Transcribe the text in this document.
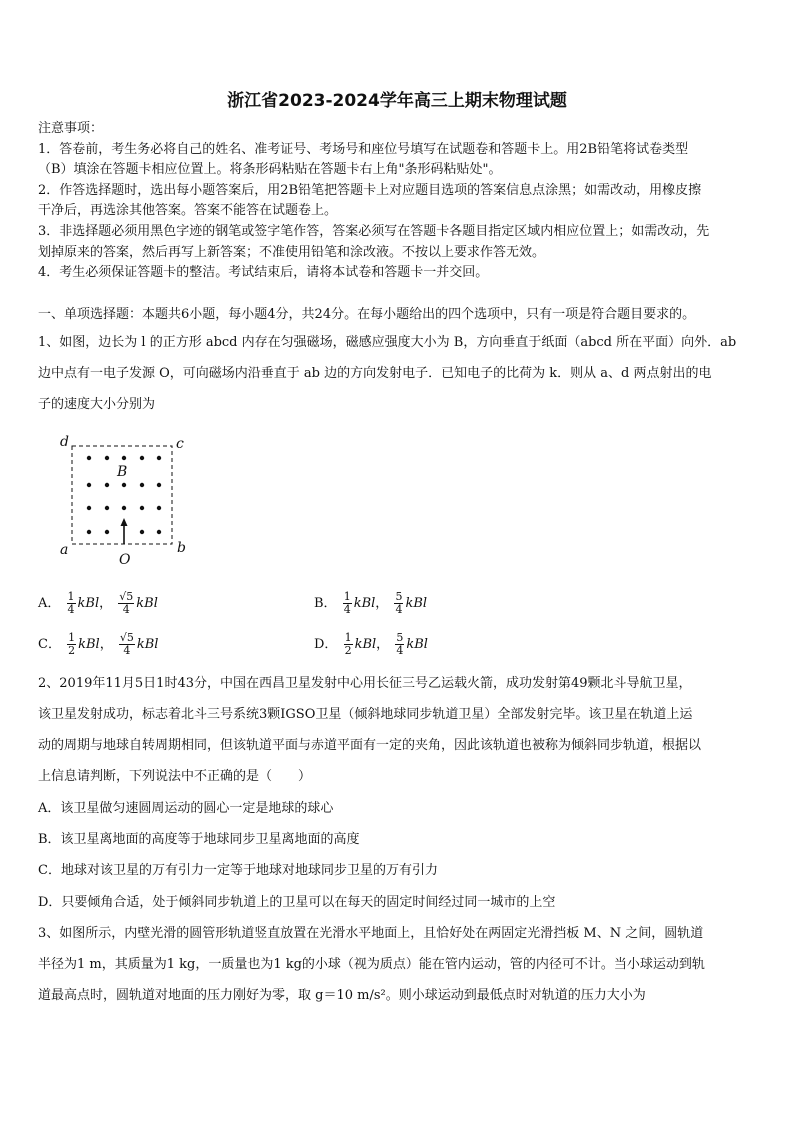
浙江省2023-2024学年高三上期末物理试题
注意事项：
1．答卷前，考生务必将自己的姓名、准考证号、考场号和座位号填写在试题卷和答题卡上。用2B铅笔将试卷类型
（B）填涂在答题卡相应位置上。将条形码粘贴在答题卡右上角"条形码粘贴处"。
2．作答选择题时，选出每小题答案后，用2B铅笔把答题卡上对应题目选项的答案信息点涂黑；如需改动，用橡皮擦
干净后，再选涂其他答案。答案不能答在试题卷上。
3．非选择题必须用黑色字迹的钢笔或签字笔作答，答案必须写在答题卡各题目指定区域内相应位置上；如需改动，先
划掉原来的答案，然后再写上新答案；不准使用铅笔和涂改液。不按以上要求作答无效。
4．考生必须保证答题卡的整洁。考试结束后，请将本试卷和答题卡一并交回。
一、单项选择题：本题共6小题，每小题4分，共24分。在每小题给出的四个选项中，只有一项是符合题目要求的。
1、如图，边长为 l 的正方形 abcd 内存在匀强磁场，磁感应强度大小为 B，方向垂直于纸面（abcd 所在平面）向外．ab
边中点有一电子发源 O，可向磁场内沿垂直于 ab 边的方向发射电子．已知电子的比荷为 k．则从 a、d 两点射出的电
子的速度大小分别为
d	c
B
a	b
O
A． $\frac{1}{4}$ kBl， $\frac{√5}{4}$ kBl	B． $\frac{1}{4}$ kBl， $\frac{5}{4}$ kBl
C． $\frac{1}{2}$ kBl， $\frac{√5}{4}$ kBl	D． $\frac{1}{2}$ kBl， $\frac{5}{4}$ kBl
2、2019年11月5日1时43分，中国在西昌卫星发射中心用长征三号乙运载火箭，成功发射第49颗北斗导航卫星，
该卫星发射成功，标志着北斗三号系统3颗IGSO卫星（倾斜地球同步轨道卫星）全部发射完毕。该卫星在轨道上运
动的周期与地球自转周期相同，但该轨道平面与赤道平面有一定的夹角，因此该轨道也被称为倾斜同步轨道，根据以
上信息请判断，下列说法中不正确的是（　　）
A．该卫星做匀速圆周运动的圆心一定是地球的球心
B．该卫星离地面的高度等于地球同步卫星离地面的高度
C．地球对该卫星的万有引力一定等于地球对地球同步卫星的万有引力
D．只要倾角合适，处于倾斜同步轨道上的卫星可以在每天的固定时间经过同一城市的上空
3、如图所示，内壁光滑的圆管形轨道竖直放置在光滑水平地面上，且恰好处在两固定光滑挡板 M、N 之间，圆轨道
半径为1 m，其质量为1 kg，一质量也为1 kg的小球（视为质点）能在管内运动，管的内径可不计。当小球运动到轨
道最高点时，圆轨道对地面的压力刚好为零，取 g＝10 m/s²。则小球运动到最低点时对轨道的压力大小为
